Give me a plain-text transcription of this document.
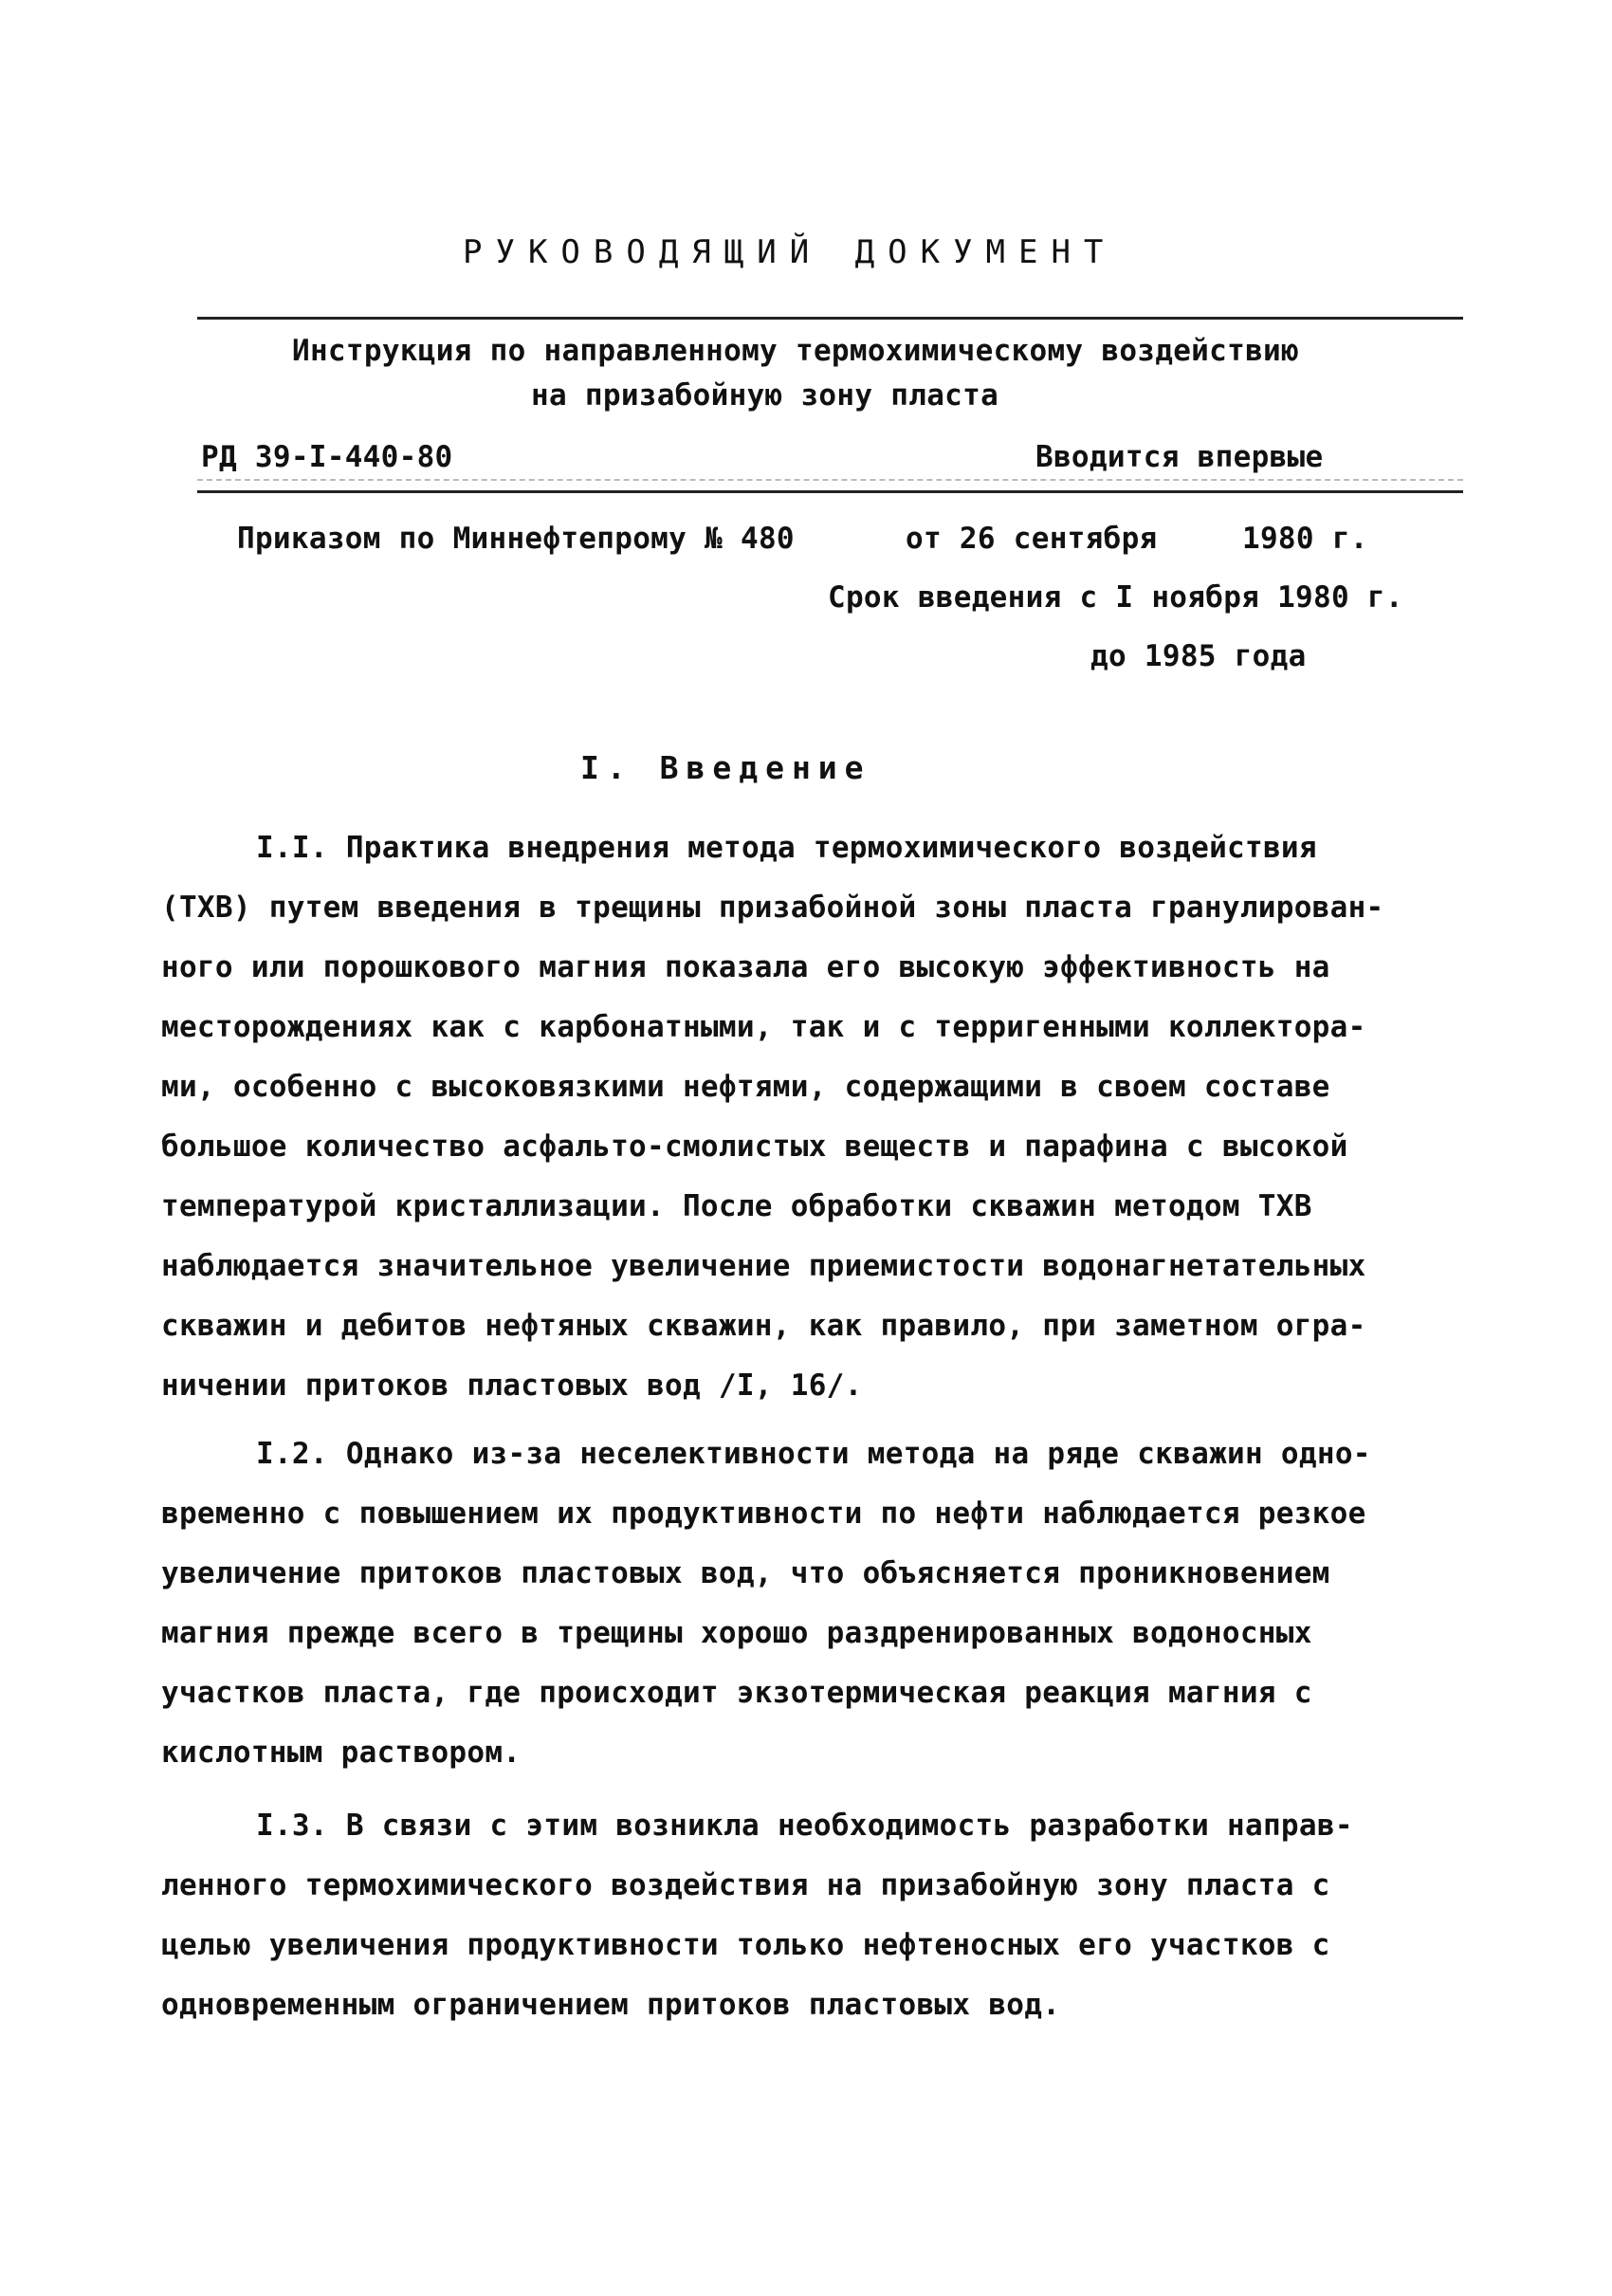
РУКОВОДЯЩИЙ ДОКУМЕНТ
Инструкция по направленному термохимическому воздействию
на призабойную зону пласта
РД 39-I-440-80	Вводится впервые
Приказом по Миннефтепрому № 480	от 26 сентября	1980 г.
Срок введения с I ноября 1980 г.
до 1985 года
I. Введение
I.I. Практика внедрения метода термохимического воздействия
(ТХВ) путем введения в трещины призабойной зоны пласта гранулирован-
ного или порошкового магния показала его высокую эффективность на
месторождениях как с карбонатными, так и с терригенными коллектора-
ми, особенно с высоковязкими нефтями, содержащими в своем составе
большое количество асфальто-смолистых веществ и парафина с высокой
температурой кристаллизации. После обработки скважин методом ТХВ
наблюдается значительное увеличение приемистости водонагнетательных
скважин и дебитов нефтяных скважин, как правило, при заметном огра-
ничении притоков пластовых вод /I, 16/.
I.2. Однако из-за неселективности метода на ряде скважин одно-
временно с повышением их продуктивности по нефти наблюдается резкое
увеличение притоков пластовых вод, что объясняется проникновением
магния прежде всего в трещины хорошо раздренированных водоносных
участков пласта, где происходит экзотермическая реакция магния с
кислотным раствором.
I.3. В связи с этим возникла необходимость разработки направ-
ленного термохимического воздействия на призабойную зону пласта с
целью увеличения продуктивности только нефтеносных его участков с
одновременным ограничением притоков пластовых вод.
